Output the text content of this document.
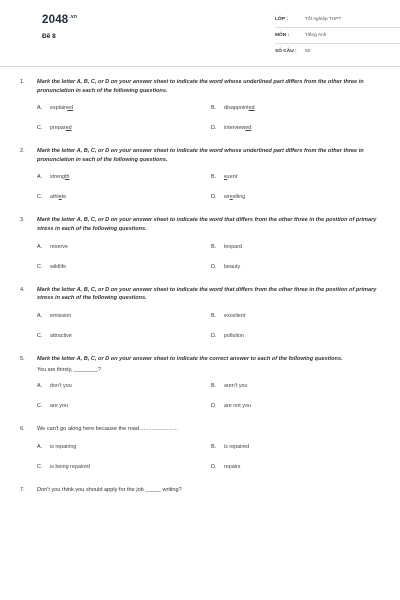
$2048^{.vn}$
Đề 8
LỚP :	Tốt nghiệp THPT
MÔN :	Tiếng Anh
SỐ CÂU :	50
1.	Mark the letter A, B, C, or D on your answer sheet to indicate the word whose underlined part differs from the other three in pronunciation in each of the following questions.
A.	explained	B.	disappointed
C.	prepared	D.	interviewed
2.	Mark the letter A, B, C, or D on your answer sheet to indicate the word whose underlined part differs from the other three in pronunciation in each of the following questions.
A.	strength	B.	event
C.	athlete	D.	wrestling
3.	Mark the letter A, B, C, or D on your answer sheet to indicate the word that differs from the other three in the position of primary stress in each of the following questions.
A.	reserve	B.	leopard
C.	wildlife	D.	beauty
4.	Mark the letter A, B, C, or D on your answer sheet to indicate the word that differs from the other three in the position of primary stress in each of the following questions.
A.	emission	B.	excellent
C.	attractive	D.	pollution
5.	Mark the letter A, B, C, or D on your answer sheet to indicate the correct answer to each of the following questions.
You are thirsty, ________?
A.	don't you	B.	aren't you
C.	are you	D.	are not you
6.	We can't go along here because the road.........................
A.	is repairing	B.	is repaired
C.	is being repaired	D.	repairs
7.	Don't you think you should apply for the job _____ writing?
